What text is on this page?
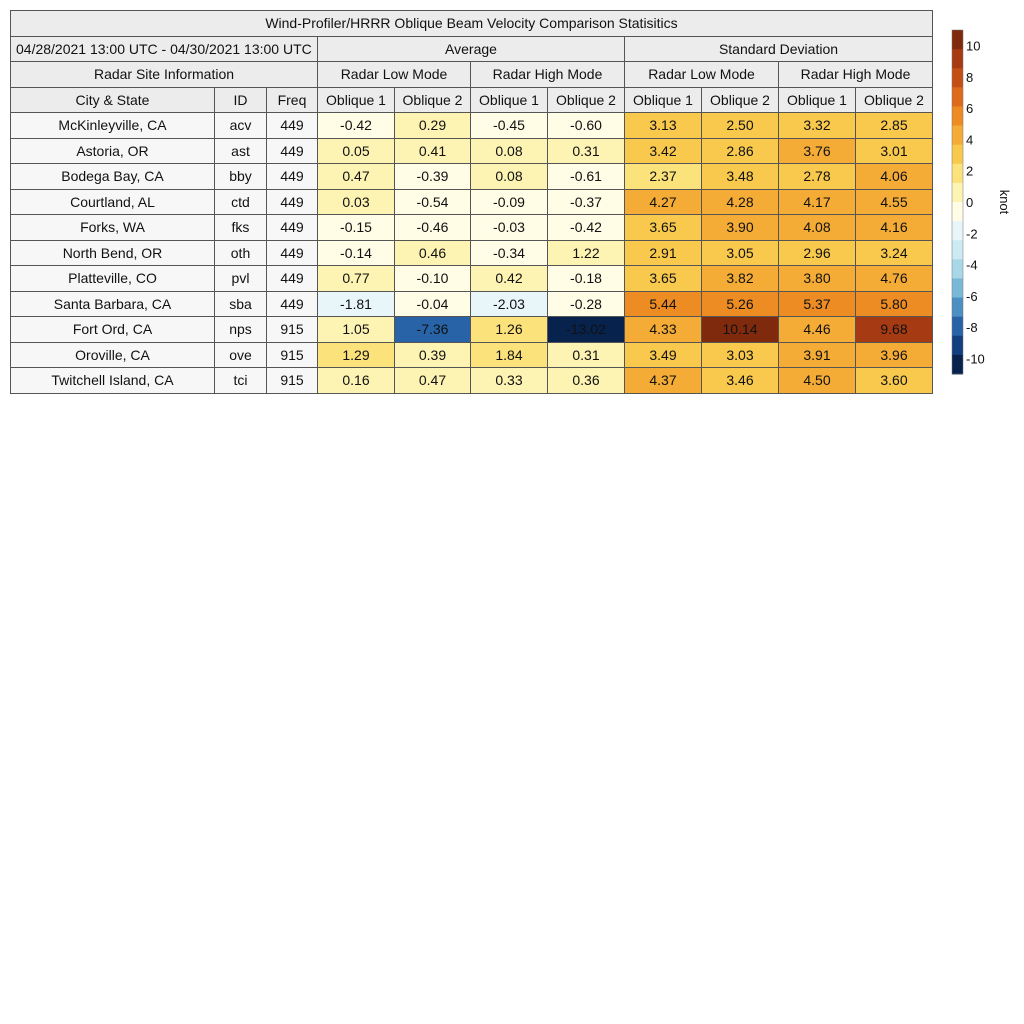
Wind-Profiler/HRRR Oblique Beam Velocity Comparison Statisitics										
04/28/2021 13:00 UTC - 04/30/2021 13:00 UTC			Average				Standard Deviation			
Radar Site Information			Radar Low Mode		Radar High Mode		Radar Low Mode		Radar High Mode	
City & State	ID	Freq	Oblique 1	Oblique 2	Oblique 1	Oblique 2	Oblique 1	Oblique 2	Oblique 1	Oblique 2
McKinleyville, CA	acv	449	-0.42	0.29	-0.45	-0.60	3.13	2.50	3.32	2.85
Astoria, OR	ast	449	0.05	0.41	0.08	0.31	3.42	2.86	3.76	3.01
Bodega Bay, CA	bby	449	0.47	-0.39	0.08	-0.61	2.37	3.48	2.78	4.06
Courtland, AL	ctd	449	0.03	-0.54	-0.09	-0.37	4.27	4.28	4.17	4.55
Forks, WA	fks	449	-0.15	-0.46	-0.03	-0.42	3.65	3.90	4.08	4.16
North Bend, OR	oth	449	-0.14	0.46	-0.34	1.22	2.91	3.05	2.96	3.24
Platteville, CO	pvl	449	0.77	-0.10	0.42	-0.18	3.65	3.82	3.80	4.76
Santa Barbara, CA	sba	449	-1.81	-0.04	-2.03	-0.28	5.44	5.26	5.37	5.80
Fort Ord, CA	nps	915	1.05	-7.36	1.26	-13.02	4.33	10.14	4.46	9.68
Oroville, CA	ove	915	1.29	0.39	1.84	0.31	3.49	3.03	3.91	3.96
Twitchell Island, CA	tci	915	0.16	0.47	0.33	0.36	4.37	3.46	4.50	3.60
10
8
6
4
2
0
-2
-4
-6
-8
-10
knot
